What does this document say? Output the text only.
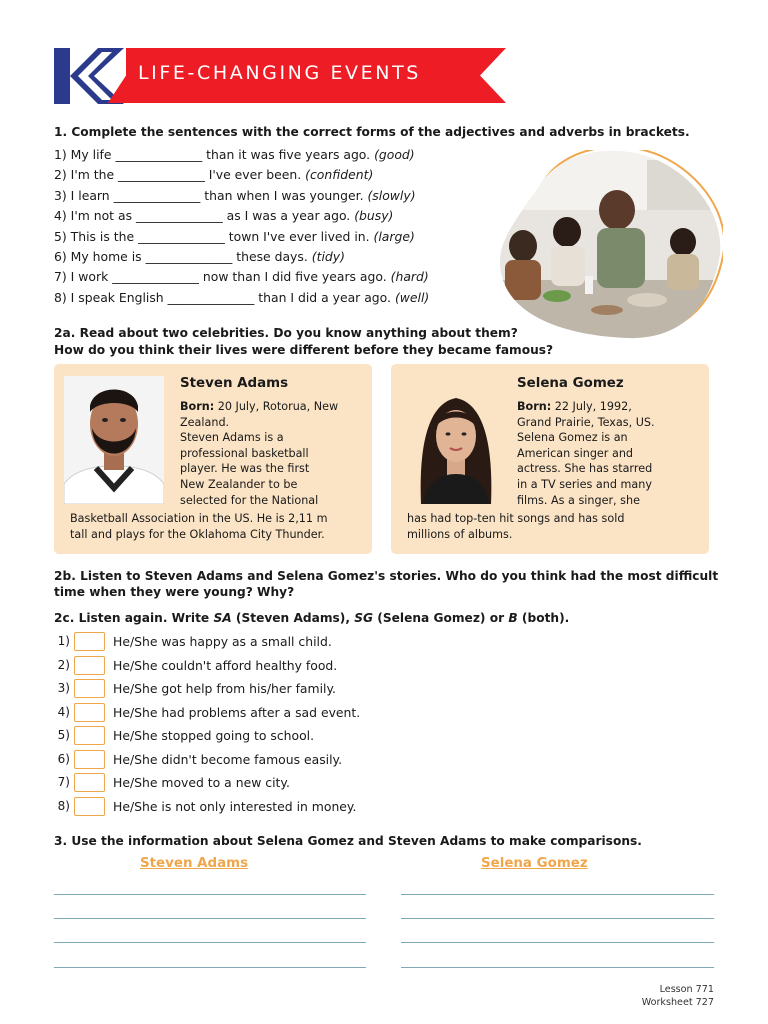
LIFE-CHANGING EVENTS
1. Complete the sentences with the correct forms of the adjectives and adverbs in brackets.
1) My life ______________ than it was five years ago. (good)
2) I'm the ______________ I've ever been. (confident)
3) I learn ______________ than when I was younger. (slowly)
4) I'm not as ______________ as I was a year ago. (busy)
5) This is the ______________ town I've ever lived in. (large)
6) My home is ______________ these days. (tidy)
7) I work ______________ now than I did five years ago. (hard)
8) I speak English ______________ than I did a year ago. (well)
2a. Read about two celebrities. Do you know anything about them?
How do you think their lives were different before they became famous?
Steven Adams
Born: 20 July, Rotorua, New
Zealand.
Steven Adams is a
professional basketball
player. He was the first
New Zealander to be
selected for the National
Basketball Association in the US. He is 2,11 m
tall and plays for the Oklahoma City Thunder.
Selena Gomez
Born: 22 July, 1992,
Grand Prairie, Texas, US.
Selena Gomez is an
American singer and
actress. She has starred
in a TV series and many
films. As a singer, she
has had top-ten hit songs and has sold
millions of albums.
2b. Listen to Steven Adams and Selena Gomez's stories. Who do you think had the most difficult
time when they were young? Why?
2c. Listen again. Write SA (Steven Adams), SG (Selena Gomez) or B (both).
1)	He/She was happy as a small child.
2)	He/She couldn't afford healthy food.
3)	He/She got help from his/her family.
4)	He/She had problems after a sad event.
5)	He/She stopped going to school.
6)	He/She didn't become famous easily.
7)	He/She moved to a new city.
8)	He/She is not only interested in money.
3. Use the information about Selena Gomez and Steven Adams to make comparisons.
Steven Adams	Selena Gomez
Lesson 771
Worksheet 727
